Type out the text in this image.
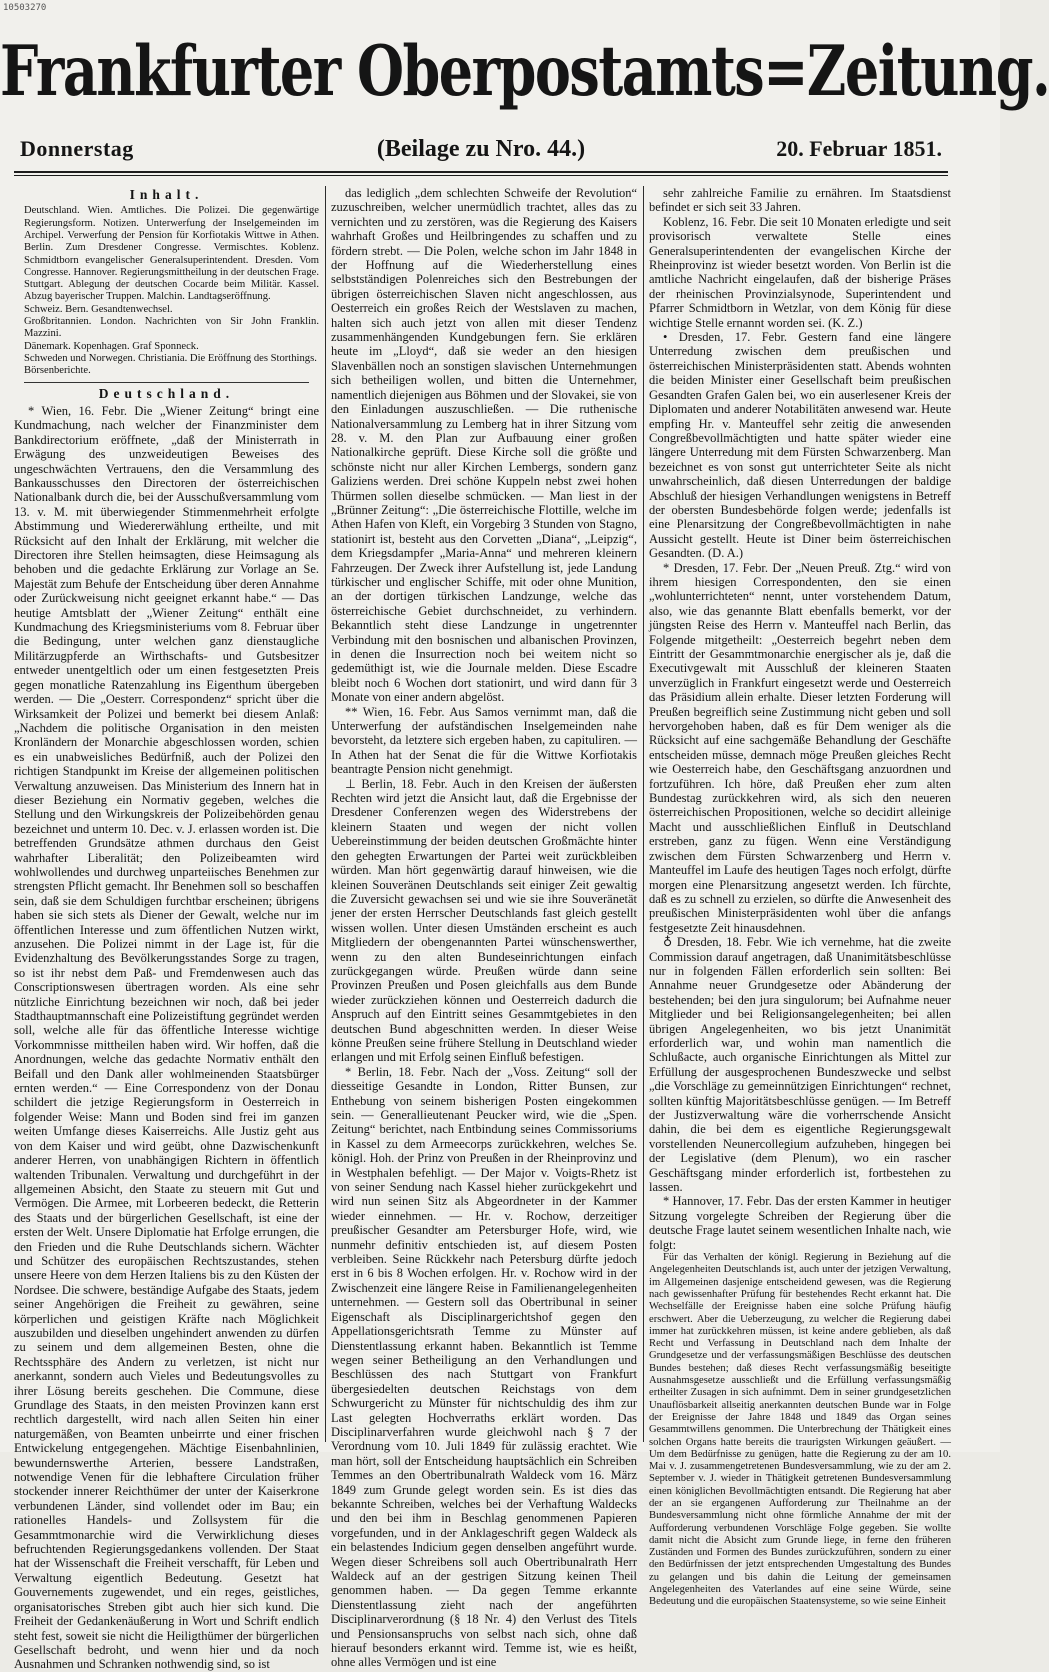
10503270
Frankfurter Oberpostamts=Zeitung.
Donnerstag	(Beilage zu Nro. 44.)	20. Februar 1851.

Inhalt.

Deutschland. Wien. Amtliches. Die Polizei. Die gegenwärtige Regierungsform. Notizen. Unterwerfung der Inselgemeinden im Archipel. Verwerfung der Pension für Korfiotakis Wittwe in Athen. Berlin. Zum Dresdener Congresse. Vermischtes. Koblenz. Schmidtborn evangelischer Generalsuperintendent. Dresden. Vom Congresse. Hannover. Regierungsmittheilung in der deutschen Frage. Stuttgart. Ablegung der deutschen Cocarde beim Militär. Kassel. Abzug bayerischer Truppen. Malchin. Landtagseröffnung.

Schweiz. Bern. Gesandtenwechsel.

Großbritannien. London. Nachrichten von Sir John Franklin. Mazzini.

Dänemark. Kopenhagen. Graf Sponneck.

Schweden und Norwegen. Christiania. Die Eröffnung des Storthings.

Börsenberichte.

Deutschland.

* Wien, 16. Febr. Die „Wiener Zeitung“ bringt eine Kundmachung, nach welcher der Finanzminister dem Bankdirectorium eröffnete, „daß der Ministerrath in Erwägung des unzweideutigen Beweises des ungeschwächten Vertrauens, den die Versammlung des Bankausschusses den Directoren der österreichischen Nationalbank durch die, bei der Ausschußversammlung vom 13. v. M. mit überwiegender Stimmenmehrheit erfolgte Abstimmung und Wiedererwählung ertheilte, und mit Rücksicht auf den Inhalt der Erklärung, mit welcher die Directoren ihre Stellen heimsagten, diese Heimsagung als behoben und die gedachte Erklärung zur Vorlage an Se. Majestät zum Behufe der Entscheidung über deren Annahme oder Zurückweisung nicht geeignet erkannt habe.“ — Das heutige Amtsblatt der „Wiener Zeitung“ enthält eine Kundmachung des Kriegsministeriums vom 8. Februar über die Bedingung, unter welchen ganz dienstaugliche Militärzugpferde an Wirthschafts- und Gutsbesitzer entweder unentgeltlich oder um einen festgesetzten Preis gegen monatliche Ratenzahlung ins Eigenthum übergeben werden. — Die „Oesterr. Correspondenz“ spricht über die Wirksamkeit der Polizei und bemerkt bei diesem Anlaß: „Nachdem die politische Organisation in den meisten Kronländern der Monarchie abgeschlossen worden, schien es ein unabweisliches Bedürfniß, auch der Polizei den richtigen Standpunkt im Kreise der allgemeinen politischen Verwaltung anzuweisen. Das Ministerium des Innern hat in dieser Beziehung ein Normativ gegeben, welches die Stellung und den Wirkungskreis der Polizeibehörden genau bezeichnet und unterm 10. Dec. v. J. erlassen worden ist. Die betreffenden Grundsätze athmen durchaus den Geist wahrhafter Liberalität; den Polizeibeamten wird wohlwollendes und durchweg unparteiisches Benehmen zur strengsten Pflicht gemacht. Ihr Benehmen soll so beschaffen sein, daß sie dem Schuldigen furchtbar erscheinen; übrigens haben sie sich stets als Diener der Gewalt, welche nur im öffentlichen Interesse und zum öffentlichen Nutzen wirkt, anzusehen. Die Polizei nimmt in der Lage ist, für die Evidenzhaltung des Bevölkerungsstandes Sorge zu tragen, so ist ihr nebst dem Paß- und Fremdenwesen auch das Conscriptionswesen übertragen worden. Als eine sehr nützliche Einrichtung bezeichnen wir noch, daß bei jeder Stadthauptmannschaft eine Polizeistiftung gegründet werden soll, welche alle für das öffentliche Interesse wichtige Vorkommnisse mittheilen haben wird. Wir hoffen, daß die Anordnungen, welche das gedachte Normativ enthält den Beifall und den Dank aller wohlmeinenden Staatsbürger ernten werden.“ — Eine Correspondenz von der Donau schildert die jetzige Regierungsform in Oesterreich in folgender Weise: Mann und Boden sind frei im ganzen weiten Umfange dieses Kaiserreichs. Alle Justiz geht aus von dem Kaiser und wird geübt, ohne Dazwischenkunft anderer Herren, von unabhängigen Richtern in öffentlich waltenden Tribunalen. Verwaltung und durchgeführt in der allgemeinen Absicht, den Staate zu steuern mit Gut und Vermögen. Die Armee, mit Lorbeeren bedeckt, die Retterin des Staats und der bürgerlichen Gesellschaft, ist eine der ersten der Welt. Unsere Diplomatie hat Erfolge errungen, die den Frieden und die Ruhe Deutschlands sichern. Wächter und Schützer des europäischen Rechtszustandes, stehen unsere Heere von dem Herzen Italiens bis zu den Küsten der Nordsee. Die schwere, beständige Aufgabe des Staats, jedem seiner Angehörigen die Freiheit zu gewähren, seine körperlichen und geistigen Kräfte nach Möglichkeit auszubilden und dieselben ungehindert anwenden zu dürfen zu seinem und dem allgemeinen Besten, ohne die Rechtssphäre des Andern zu verletzen, ist nicht nur anerkannt, sondern auch Vieles und Bedeutungsvolles zu ihrer Lösung bereits geschehen. Die Commune, diese Grundlage des Staats, in den meisten Provinzen kann erst rechtlich dargestellt, wird nach allen Seiten hin einer naturgemäßen, von Beamten unbeirrte und einer frischen Entwickelung entgegengehen. Mächtige Eisenbahnlinien, bewundernswerthe Arterien, bessere Landstraßen, notwendige Venen für die lebhaftere Circulation früher stockender innerer Reichthümer der unter der Kaiserkrone verbundenen Länder, sind vollendet oder im Bau; ein rationelles Handels- und Zollsystem für die Gesammtmonarchie wird die Verwirklichung dieses befruchtenden Regierungsgedankens vollenden. Der Staat hat der Wissenschaft die Freiheit verschafft, für Leben und Verwaltung eigentlich Bedeutung. Gesetzt hat Gouvernements zugewendet, und ein reges, geistliches, organisatorisches Streben gibt auch hier sich kund. Die Freiheit der Gedankenäußerung in Wort und Schrift endlich steht fest, soweit sie nicht die Heiligthümer der bürgerlichen Gesellschaft bedroht, und wenn hier und da noch Ausnahmen und Schranken nothwendig sind, so ist

das lediglich „dem schlechten Schweife der Revolution“ zuzuschreiben, welcher unermüdlich trachtet, alles das zu vernichten und zu zerstören, was die Regierung des Kaisers wahrhaft Großes und Heilbringendes zu schaffen und zu fördern strebt. — Die Polen, welche schon im Jahr 1848 in der Hoffnung auf die Wiederherstellung eines selbstständigen Polenreiches sich den Bestrebungen der übrigen österreichischen Slaven nicht angeschlossen, aus Oesterreich ein großes Reich der Westslaven zu machen, halten sich auch jetzt von allen mit dieser Tendenz zusammenhängenden Kundgebungen fern. Sie erklären heute im „Lloyd“, daß sie weder an den hiesigen Slavenbällen noch an sonstigen slavischen Unternehmungen sich betheiligen wollen, und bitten die Unternehmer, namentlich diejenigen aus Böhmen und der Slovakei, sie von den Einladungen auszuschließen. — Die ruthenische Nationalversammlung zu Lemberg hat in ihrer Sitzung vom 28. v. M. den Plan zur Aufbauung einer großen Nationalkirche geprüft. Diese Kirche soll die größte und schönste nicht nur aller Kirchen Lembergs, sondern ganz Galiziens werden. Drei schöne Kuppeln nebst zwei hohen Thürmen sollen dieselbe schmücken. — Man liest in der „Brünner Zeitung“: „Die österreichische Flottille, welche im Athen Hafen von Kleft, ein Vorgebirg 3 Stunden von Stagno, stationirt ist, besteht aus den Corvetten „Diana“, „Leipzig“, dem Kriegsdampfer „Maria-Anna“ und mehreren kleinern Fahrzeugen. Der Zweck ihrer Aufstellung ist, jede Landung türkischer und englischer Schiffe, mit oder ohne Munition, an der dortigen türkischen Landzunge, welche das österreichische Gebiet durchschneidet, zu verhindern. Bekanntlich steht diese Landzunge in ungetrennter Verbindung mit den bosnischen und albanischen Provinzen, in denen die Insurrection noch bei weitem nicht so gedemüthigt ist, wie die Journale melden. Diese Escadre bleibt noch 6 Wochen dort stationirt, und wird dann für 3 Monate von einer andern abgelöst.

** Wien, 16. Febr. Aus Samos vernimmt man, daß die Unterwerfung der aufständischen Inselgemeinden nahe bevorsteht, da letztere sich ergeben haben, zu capituliren. — In Athen hat der Senat die für die Wittwe Korfiotakis beantragte Pension nicht genehmigt.

⊥ Berlin, 18. Febr. Auch in den Kreisen der äußersten Rechten wird jetzt die Ansicht laut, daß die Ergebnisse der Dresdener Conferenzen wegen des Widerstrebens der kleinern Staaten und wegen der nicht vollen Uebereinstimmung der beiden deutschen Großmächte hinter den gehegten Erwartungen der Partei weit zurückbleiben würden. Man hört gegenwärtig darauf hinweisen, wie die kleinen Souveränen Deutschlands seit einiger Zeit gewaltig die Zuversicht gewachsen sei und wie sie ihre Souveränetät jener der ersten Herrscher Deutschlands fast gleich gestellt wissen wollen. Unter diesen Umständen erscheint es auch Mitgliedern der obengenannten Partei wünschenswerther, wenn zu den alten Bundeseinrichtungen einfach zurückgegangen würde. Preußen würde dann seine Provinzen Preußen und Posen gleichfalls aus dem Bunde wieder zurückziehen können und Oesterreich dadurch die Anspruch auf den Eintritt seines Gesammtgebietes in den deutschen Bund abgeschnitten werden. In dieser Weise könne Preußen seine frühere Stellung in Deutschland wieder erlangen und mit Erfolg seinen Einfluß befestigen.

* Berlin, 18. Febr. Nach der „Voss. Zeitung“ soll der diesseitige Gesandte in London, Ritter Bunsen, zur Enthebung von seinem bisherigen Posten eingekommen sein. — Generallieutenant Peucker wird, wie die „Spen. Zeitung“ berichtet, nach Entbindung seines Commissoriums in Kassel zu dem Armeecorps zurückkehren, welches Se. königl. Hoh. der Prinz von Preußen in der Rheinprovinz und in Westphalen befehligt. — Der Major v. Voigts-Rhetz ist von seiner Sendung nach Kassel hieher zurückgekehrt und wird nun seinen Sitz als Abgeordneter in der Kammer wieder einnehmen. — Hr. v. Rochow, derzeitiger preußischer Gesandter am Petersburger Hofe, wird, wie nunmehr definitiv entschieden ist, auf diesem Posten verbleiben. Seine Rückkehr nach Petersburg dürfte jedoch erst in 6 bis 8 Wochen erfolgen. Hr. v. Rochow wird in der Zwischenzeit eine längere Reise in Familienangelegenheiten unternehmen. — Gestern soll das Obertribunal in seiner Eigenschaft als Disciplinargerichtshof gegen den Appellationsgerichtsrath Temme zu Münster auf Dienstentlassung erkannt haben. Bekanntlich ist Temme wegen seiner Betheiligung an den Verhandlungen und Beschlüssen des nach Stuttgart von Frankfurt übergesiedelten deutschen Reichstags von dem Schwurgericht zu Münster für nichtschuldig des ihm zur Last gelegten Hochverraths erklärt worden. Das Disciplinarverfahren wurde gleichwohl nach § 7 der Verordnung vom 10. Juli 1849 für zulässig erachtet. Wie man hört, soll der Entscheidung hauptsächlich ein Schreiben Temmes an den Obertribunalrath Waldeck vom 16. März 1849 zum Grunde gelegt worden sein. Es ist dies das bekannte Schreiben, welches bei der Verhaftung Waldecks und den bei ihm in Beschlag genommenen Papieren vorgefunden, und in der Anklageschrift gegen Waldeck als ein belastendes Indicium gegen denselben angeführt wurde. Wegen dieser Schreibens soll auch Obertribunalrath Herr Waldeck auf an der gestrigen Sitzung keinen Theil genommen haben. — Da gegen Temme erkannte Dienstentlassung zieht nach der angeführten Disciplinarverordnung (§ 18 Nr. 4) den Verlust des Titels und Pensionsanspruchs von selbst nach sich, ohne daß hierauf besonders erkannt wird. Temme ist, wie es heißt, ohne alles Vermögen und ist eine

sehr zahlreiche Familie zu ernähren. Im Staatsdienst befindet er sich seit 33 Jahren.

Koblenz, 16. Febr. Die seit 10 Monaten erledigte und seit provisorisch verwaltete Stelle eines Generalsuperintendenten der evangelischen Kirche der Rheinprovinz ist wieder besetzt worden. Von Berlin ist die amtliche Nachricht eingelaufen, daß der bisherige Präses der rheinischen Provinzialsynode, Superintendent und Pfarrer Schmidtborn in Wetzlar, von dem König für diese wichtige Stelle ernannt worden sei. (K. Z.)

• Dresden, 17. Febr. Gestern fand eine längere Unterredung zwischen dem preußischen und österreichischen Ministerpräsidenten statt. Abends wohnten die beiden Minister einer Gesellschaft beim preußischen Gesandten Grafen Galen bei, wo ein auserlesener Kreis der Diplomaten und anderer Notabilitäten anwesend war. Heute empfing Hr. v. Manteuffel sehr zeitig die anwesenden Congreßbevollmächtigten und hatte später wieder eine längere Unterredung mit dem Fürsten Schwarzenberg. Man bezeichnet es von sonst gut unterrichteter Seite als nicht unwahrscheinlich, daß diesen Unterredungen der baldige Abschluß der hiesigen Verhandlungen wenigstens in Betreff der obersten Bundesbehörde folgen werde; jedenfalls ist eine Plenarsitzung der Congreßbevollmächtigten in nahe Aussicht gestellt. Heute ist Diner beim österreichischen Gesandten. (D. A.)

* Dresden, 17. Febr. Der „Neuen Preuß. Ztg.“ wird von ihrem hiesigen Correspondenten, den sie einen „wohlunterrichteten“ nennt, unter vorstehendem Datum, also, wie das genannte Blatt ebenfalls bemerkt, vor der jüngsten Reise des Herrn v. Manteuffel nach Berlin, das Folgende mitgetheilt: „Oesterreich begehrt neben dem Eintritt der Gesammtmonarchie energischer als je, daß die Executivgewalt mit Ausschluß der kleineren Staaten unverzüglich in Frankfurt eingesetzt werde und Oesterreich das Präsidium allein erhalte. Dieser letzten Forderung will Preußen begreiflich seine Zustimmung nicht geben und soll hervorgehoben haben, daß es für Dem weniger als die Rücksicht auf eine sachgemäße Behandlung der Geschäfte entscheiden müsse, demnach möge Preußen gleiches Recht wie Oesterreich habe, den Geschäftsgang anzuordnen und fortzuführen. Ich höre, daß Preußen eher zum alten Bundestag zurückkehren wird, als sich den neueren österreichischen Propositionen, welche so decidirt alleinige Macht und ausschließlichen Einfluß in Deutschland erstreben, ganz zu fügen. Wenn eine Verständigung zwischen dem Fürsten Schwarzenberg und Herrn v. Manteuffel im Laufe des heutigen Tages noch erfolgt, dürfte morgen eine Plenarsitzung angesetzt werden. Ich fürchte, daß es zu schnell zu erzielen, so dürfte die Anwesenheit des preußischen Ministerpräsidenten wohl über die anfangs festgesetzte Zeit hinausdehnen.

♁ Dresden, 18. Febr. Wie ich vernehme, hat die zweite Commission darauf angetragen, daß Unanimitätsbeschlüsse nur in folgenden Fällen erforderlich sein sollten: Bei Annahme neuer Grundgesetze oder Abänderung der bestehenden; bei den jura singulorum; bei Aufnahme neuer Mitglieder und bei Religionsangelegenheiten; bei allen übrigen Angelegenheiten, wo bis jetzt Unanimität erforderlich war, und wohin man namentlich die Schlußacte, auch organische Einrichtungen als Mittel zur Erfüllung der ausgesprochenen Bundeszwecke und selbst „die Vorschläge zu gemeinnützigen Einrichtungen“ rechnet, sollten künftig Majoritätsbeschlüsse genügen. — Im Betreff der Justizverwaltung wäre die vorherrschende Ansicht dahin, die bei dem es eigentliche Regierungsgewalt vorstellenden Neunercollegium aufzuheben, hingegen bei der Legislative (dem Plenum), wo ein rascher Geschäftsgang minder erforderlich ist, fortbestehen zu lassen.

* Hannover, 17. Febr. Das der ersten Kammer in heutiger Sitzung vorgelegte Schreiben der Regierung über die deutsche Frage lautet seinem wesentlichen Inhalte nach, wie folgt:

Für das Verhalten der königl. Regierung in Beziehung auf die Angelegenheiten Deutschlands ist, auch unter der jetzigen Verwaltung, im Allgemeinen dasjenige entscheidend gewesen, was die Regierung nach gewissenhafter Prüfung für bestehendes Recht erkannt hat. Die Wechselfälle der Ereignisse haben eine solche Prüfung häufig erschwert. Aber die Ueberzeugung, zu welcher die Regierung dabei immer hat zurückkehren müssen, ist keine andere geblieben, als daß Recht und Verfassung in Deutschland nach dem Inhalte der Grundgesetze und der verfassungsmäßigen Beschlüsse des deutschen Bundes bestehen; daß dieses Recht verfassungsmäßig beseitigte Ausnahmsgesetze ausschließt und die Erfüllung verfassungsmäßig ertheilter Zusagen in sich aufnimmt. Dem in seiner grundgesetzlichen Unauflösbarkeit allseitig anerkannten deutschen Bunde war in Folge der Ereignisse der Jahre 1848 und 1849 das Organ seines Gesammtwillens genommen. Die Unterbrechung der Thätigkeit eines solchen Organs hatte bereits die traurigsten Wirkungen geäußert. — Um dem Bedürfnisse zu genügen, hatte die Regierung zu der am 10. Mai v. J. zusammengetretenen Bundesversammlung, wie zu der am 2. September v. J. wieder in Thätigkeit getretenen Bundesversammlung einen königlichen Bevollmächtigten entsandt. Die Regierung hat aber der an sie ergangenen Aufforderung zur Theilnahme an der Bundesversammlung nicht ohne förmliche Annahme der mit der Aufforderung verbundenen Vorschläge Folge gegeben. Sie wollte damit nicht die Absicht zum Grunde liege, in ferne den früheren Zuständen und Formen des Bundes zurückzuführen, sondern zu einer den Bedürfnissen der jetzt entsprechenden Umgestaltung des Bundes zu gelangen und bis dahin die Leitung der gemeinsamen Angelegenheiten des Vaterlandes auf eine seine Würde, seine Bedeutung und die europäischen Staatensysteme, so wie seine Einheit
